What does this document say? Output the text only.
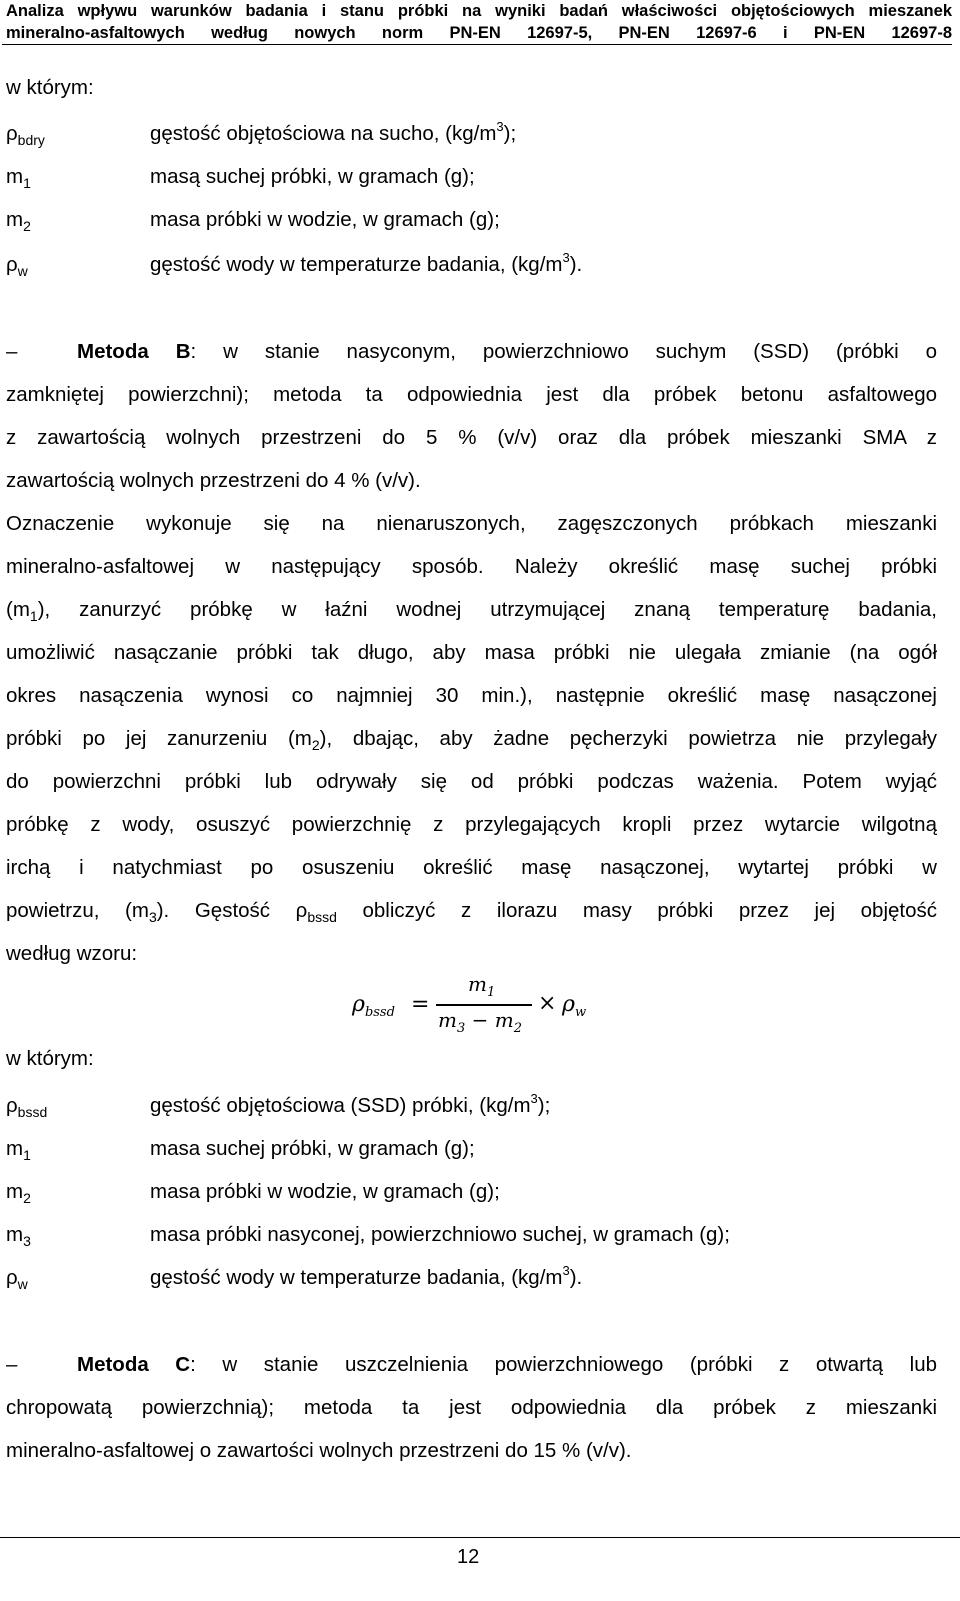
Analiza wpływu warunków badania i stanu próbki na wyniki badań właściwości objętościowych mieszanek
mineralno-asfaltowych według nowych norm PN-EN 12697-5, PN-EN 12697-6 i PN-EN 12697-8
w którym:
$\rho_{bdry}$	gęstość objętościowa na sucho, $(kg/m^3)$;
$m_1$	masą suchej próbki, w gramach (g);
$m_2$	masa próbki w wodzie, w gramach (g);
$\rho_w$	gęstość wody w temperaturze badania, $(kg/m^3)$.
–	Metoda B: w stanie nasyconym, powierzchniowo suchym (SSD) (próbki o
zamkniętej powierzchni); metoda ta odpowiednia jest dla próbek betonu asfaltowego
z zawartością wolnych przestrzeni do 5 % (v/v) oraz dla próbek mieszanki SMA z
zawartością wolnych przestrzeni do 4 % (v/v).
Oznaczenie wykonuje się na nienaruszonych, zagęszczonych próbkach mieszanki
mineralno-asfaltowej w następujący sposób. Należy określić masę suchej próbki
$(m_1)$, zanurzyć próbkę w łaźni wodnej utrzymującej znaną temperaturę badania,
umożliwić nasączanie próbki tak długo, aby masa próbki nie ulegała zmianie (na ogół
okres nasączenia wynosi co najmniej 30 min.), następnie określić masę nasączonej
próbki po jej zanurzeniu $(m_2)$, dbając, aby żadne pęcherzyki powietrza nie przylegały
do powierzchni próbki lub odrywały się od próbki podczas ważenia. Potem wyjąć
próbkę z wody, osuszyć powierzchnię z przylegających kropli przez wytarcie wilgotną
irchą i natychmiast po osuszeniu określić masę nasączonej, wytartej próbki w
powietrzu, $(m_3)$. Gęstość $\rho_{bssd}$ obliczyć z ilorazu masy próbki przez jej objętość
według wzoru:
$\rho_{bssd}$ =
$m_1$
$m_3 - m_2$
× $\rho_w$
w którym:
$\rho_{bssd}$	gęstość objętościowa (SSD) próbki, $(kg/m^3)$;
$m_1$	masa suchej próbki, w gramach (g);
$m_2$	masa próbki w wodzie, w gramach (g);
$m_3$	masa próbki nasyconej, powierzchniowo suchej, w gramach (g);
$\rho_w$	gęstość wody w temperaturze badania, $(kg/m^3)$.
–	Metoda C: w stanie uszczelnienia powierzchniowego (próbki z otwartą lub
chropowatą powierzchnią); metoda ta jest odpowiednia dla próbek z mieszanki
mineralno-asfaltowej o zawartości wolnych przestrzeni do 15 % (v/v).
12
